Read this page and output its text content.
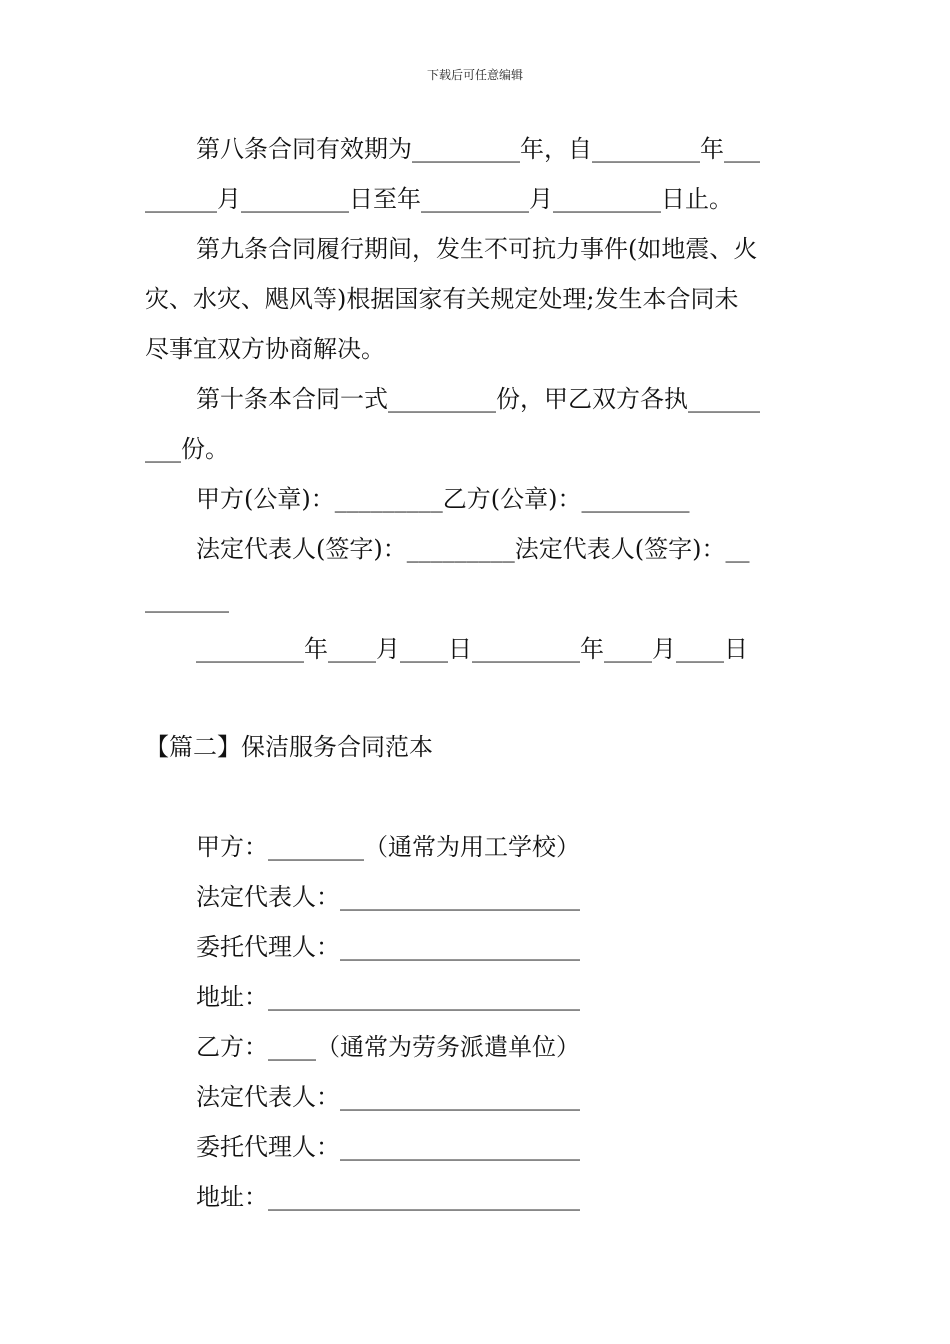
下载后可任意编辑

第八条合同有效期为_________年，自_________年___

______月_________日至年_________月_________日止。

第九条合同履行期间，发生不可抗力事件(如地震、火

灾、水灾、飓风等)根据国家有关规定处理;发生本合同未

尽事宜双方协商解决。

第十条本合同一式_________份，甲乙双方各执______

___份。

甲方(公章)：_________乙方(公章)：_________

法定代表人(签字)：_________法定代表人(签字)：__

_______

_________年____月____日_________年____月____日

【篇二】保洁服务合同范本

甲方：________（通常为用工学校）

法定代表人：____________________

委托代理人：____________________

地址：__________________________

乙方：____（通常为劳务派遣单位）

法定代表人：____________________

委托代理人：____________________

地址：__________________________
